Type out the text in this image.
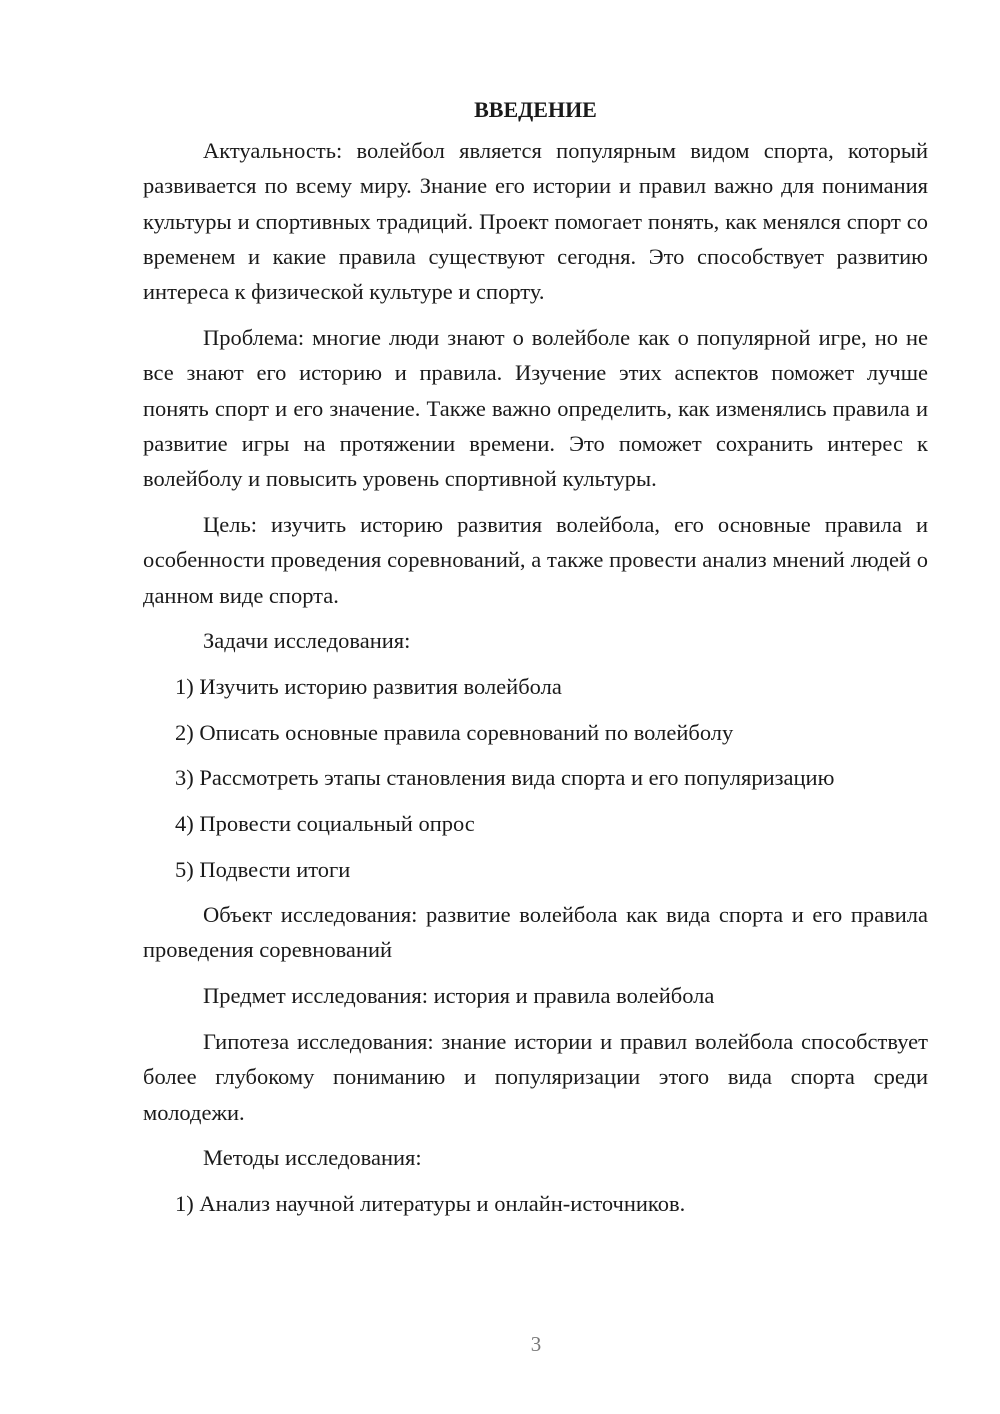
ВВЕДЕНИЕ

Актуальность: волейбол является популярным видом спорта, который развивается по всему миру. Знание его истории и правил важно для понимания культуры и спортивных традиций. Проект помогает понять, как менялся спорт со временем и какие правила существуют сегодня. Это способствует развитию интереса к физической культуре и спорту.

Проблема: многие люди знают о волейболе как о популярной игре, но не все знают его историю и правила. Изучение этих аспектов поможет лучше понять спорт и его значение. Также важно определить, как изменялись правила и развитие игры на протяжении времени. Это поможет сохранить интерес к волейболу и повысить уровень спортивной культуры.

Цель: изучить историю развития волейбола, его основные правила и особенности проведения соревнований, а также провести анализ мнений людей о данном виде спорта.

Задачи исследования:
1) Изучить историю развития волейбола
2) Описать основные правила соревнований по волейболу
3) Рассмотреть этапы становления вида спорта и его популяризацию
4) Провести социальный опрос
5) Подвести итоги

Объект исследования: развитие волейбола как вида спорта и его правила проведения соревнований

Предмет исследования: история и правила волейбола

Гипотеза исследования: знание истории и правил волейбола способствует более глубокому пониманию и популяризации этого вида спорта среди молодежи.

Методы исследования:
1) Анализ научной литературы и онлайн-источников.
3
